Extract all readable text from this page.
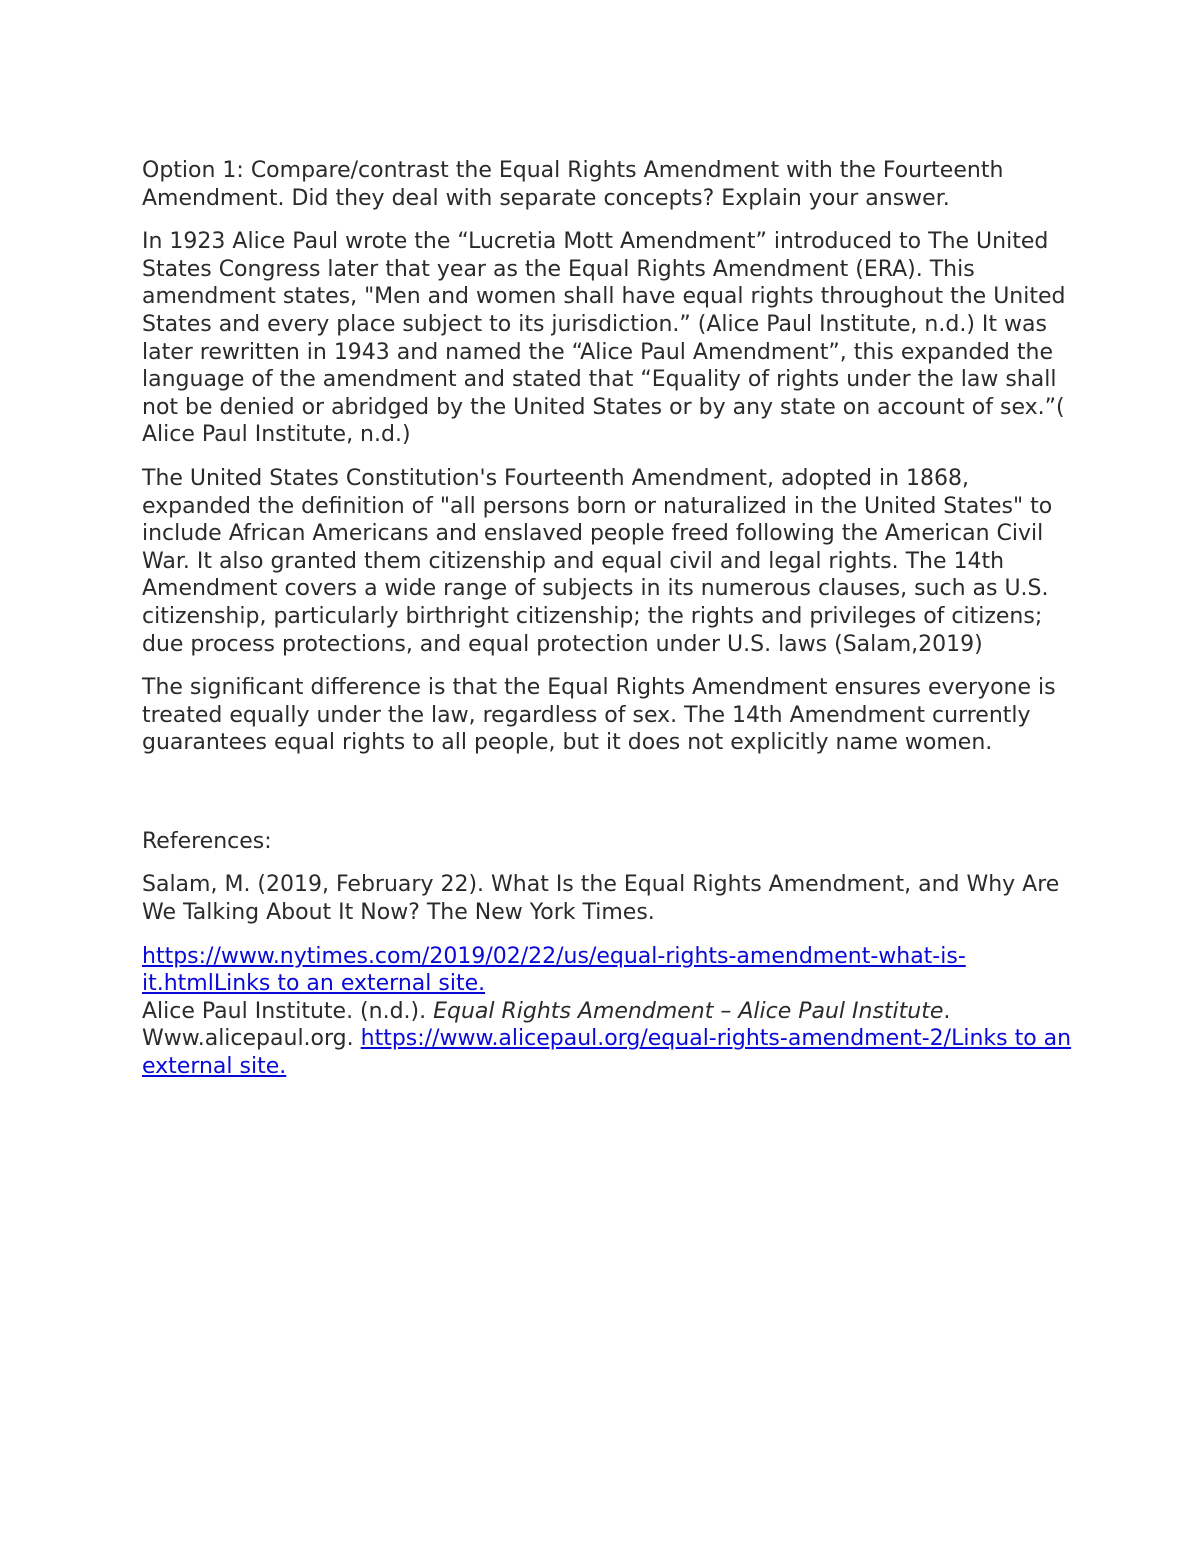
Option 1: Compare/contrast the Equal Rights Amendment with the Fourteenth Amendment. Did they deal with separate concepts? Explain your answer.

In 1923 Alice Paul wrote the “Lucretia Mott Amendment” introduced to The United States Congress later that year as the Equal Rights Amendment (ERA). This amendment states, "Men and women shall have equal rights throughout the United States and every place subject to its jurisdiction.” (Alice Paul Institute, n.d.) It was later rewritten in 1943 and named the “Alice Paul Amendment”, this expanded the language of the amendment and stated that “Equality of rights under the law shall not be denied or abridged by the United States or by any state on account of sex.”( Alice Paul Institute, n.d.)

The United States Constitution's Fourteenth Amendment, adopted in 1868, expanded the definition of "all persons born or naturalized in the United States" to include African Americans and enslaved people freed following the American Civil War. It also granted them citizenship and equal civil and legal rights. The 14th Amendment covers a wide range of subjects in its numerous clauses, such as U.S. citizenship, particularly birthright citizenship; the rights and privileges of citizens; due process protections, and equal protection under U.S. laws (Salam,2019)

The significant difference is that the Equal Rights Amendment ensures everyone is treated equally under the law, regardless of sex. The 14th Amendment currently guarantees equal rights to all people, but it does not explicitly name women.

References:

Salam, M. (2019, February 22). What Is the Equal Rights Amendment, and Why Are We Talking About It Now? The New York Times.

https://www.nytimes.com/2019/02/22/us/equal-rights-amendment-what-is-it.htmlLinks to an external site.

Alice Paul Institute. (n.d.). Equal Rights Amendment – Alice Paul Institute. Www.alicepaul.org. https://www.alicepaul.org/equal-rights-amendment-2/Links to an external site.
